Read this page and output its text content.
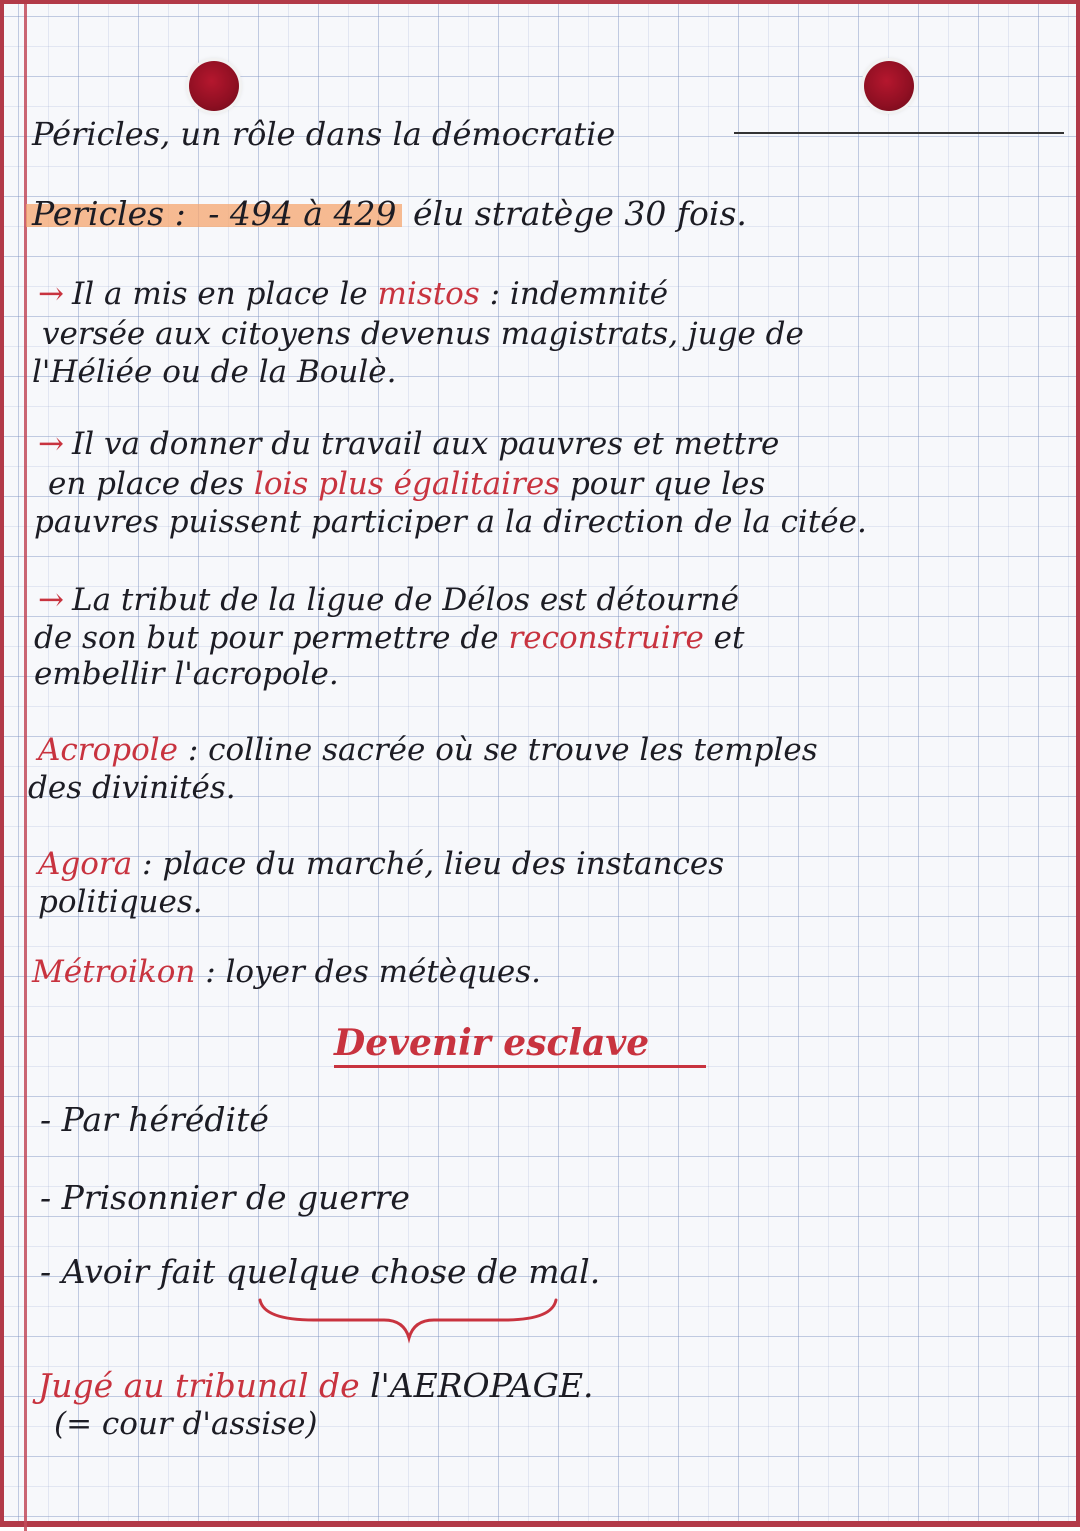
Péricles, un rôle dans la démocratie
Pericles : - 494 à 429 élu stratège 30 fois.
→ Il a mis en place le mistos : indemnité
versée aux citoyens devenus magistrats, juge de
l'Héliée ou de la Boulè.
→ Il va donner du travail aux pauvres et mettre
en place des lois plus égalitaires pour que les
pauvres puissent participer a la direction de la citée.
→ La tribut de la ligue de Délos est détourné
de son but pour permettre de reconstruire et
embellir l'acropole.
Acropole : colline sacrée où se trouve les temples
des divinités.
Agora : place du marché, lieu des instances
politiques.
Métroikon : loyer des métèques.
Devenir esclave
- Par hérédité
- Prisonnier de guerre
- Avoir fait quelque chose de mal.
Jugé au tribunal de l'AEROPAGE.
(= cour d'assise)
